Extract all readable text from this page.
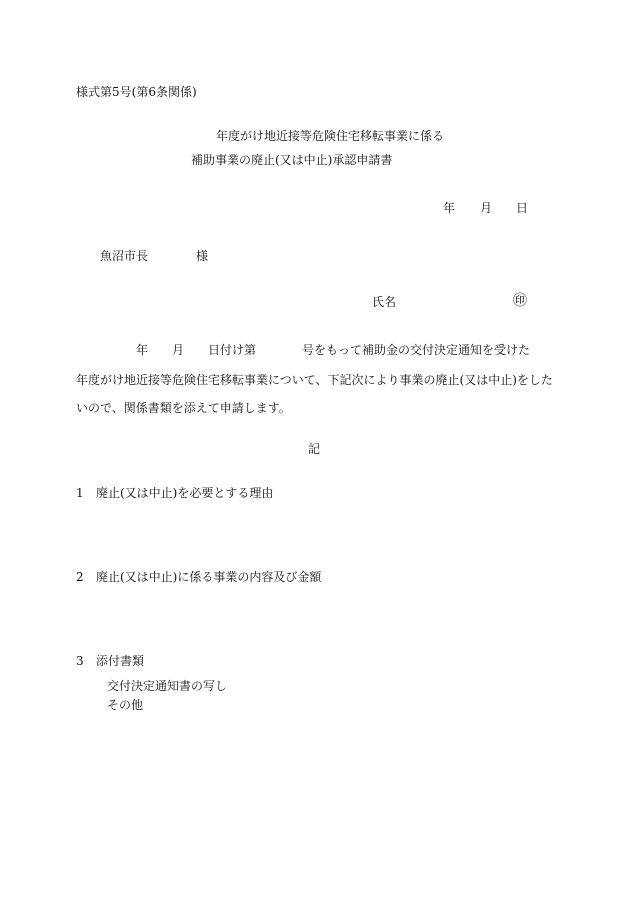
様式第5号(第6条関係)
年度がけ地近接等危険住宅移転事業に係る
補助事業の廃止(又は中止)承認申請書
年 月 日
魚沼市長	様
氏名	㊞
年 月 日付け第	号をもって補助金の交付決定通知を受けた
年度がけ地近接等危険住宅移転事業について、下記次により事業の廃止(又は中止)をした
いので、関係書類を添えて申請します。
記
1 廃止(又は中止)を必要とする理由
2 廃止(又は中止)に係る事業の内容及び金額
3 添付書類
交付決定通知書の写し
その他
